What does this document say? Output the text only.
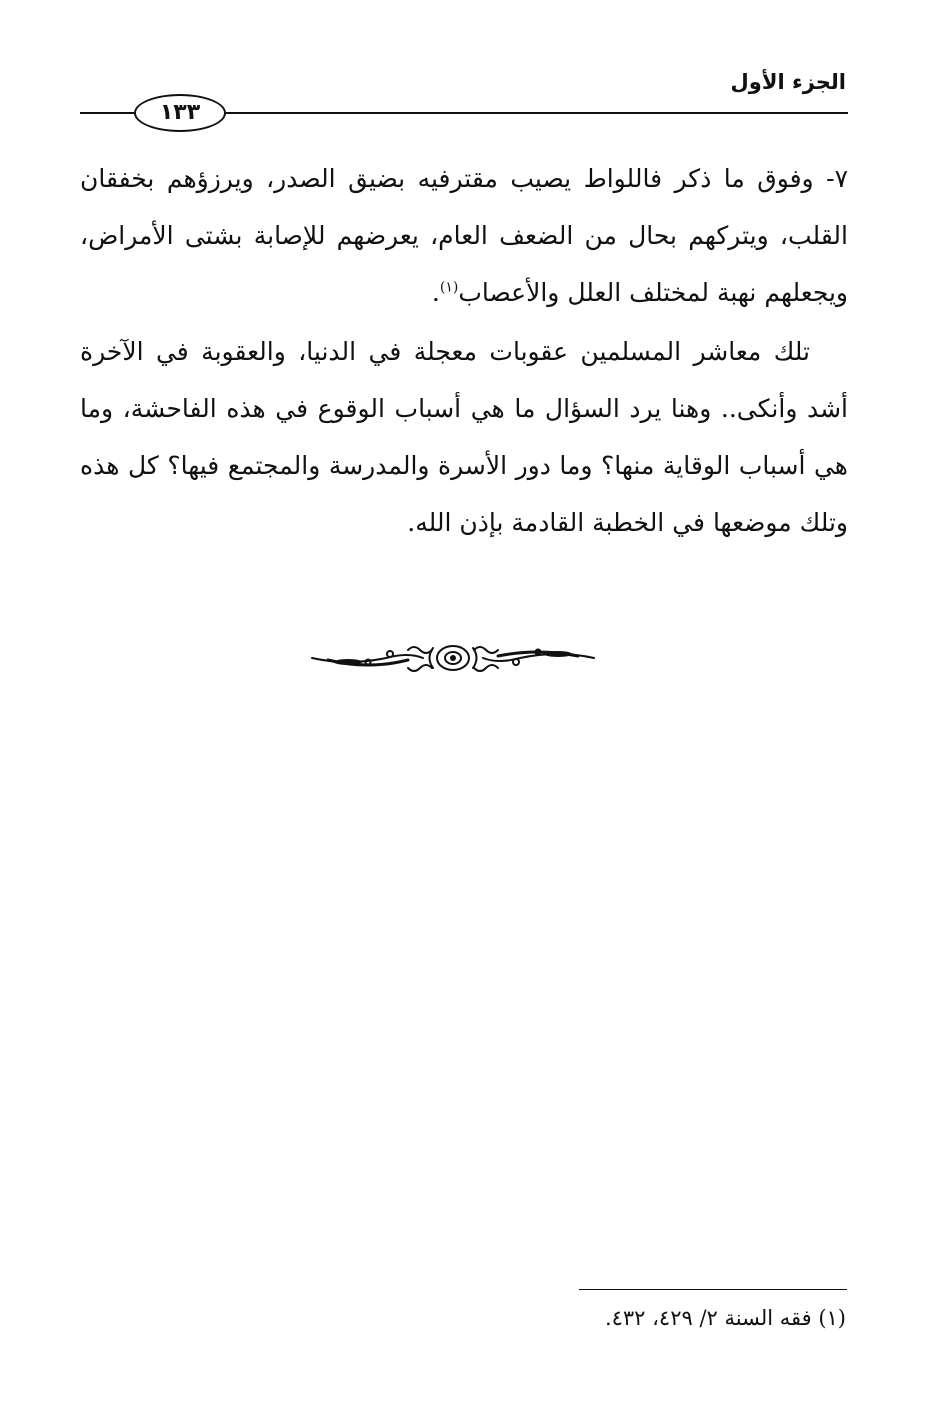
الجزء الأول
١٣٣

٧- وفوق ما ذكر فاللواط يصيب مقترفيه بضيق الصدر، ويرزؤهم بخفقان القلب، ويتركهم بحال من الضعف العام، يعرضهم للإصابة بشتى الأمراض، ويجعلهم نهبة لمختلف العلل والأعصاب$^{(١)}$.

تلك معاشر المسلمين عقوبات معجلة في الدنيا، والعقوبة في الآخرة أشد وأنكى.. وهنا يرد السؤال ما هي أسباب الوقوع في هذه الفاحشة، وما هي أسباب الوقاية منها؟ وما دور الأسرة والمدرسة والمجتمع فيها؟ كل هذه وتلك موضعها في الخطبة القادمة بإذن الله.

(١) فقه السنة ٢/ ٤٢٩، ٤٣٢.
